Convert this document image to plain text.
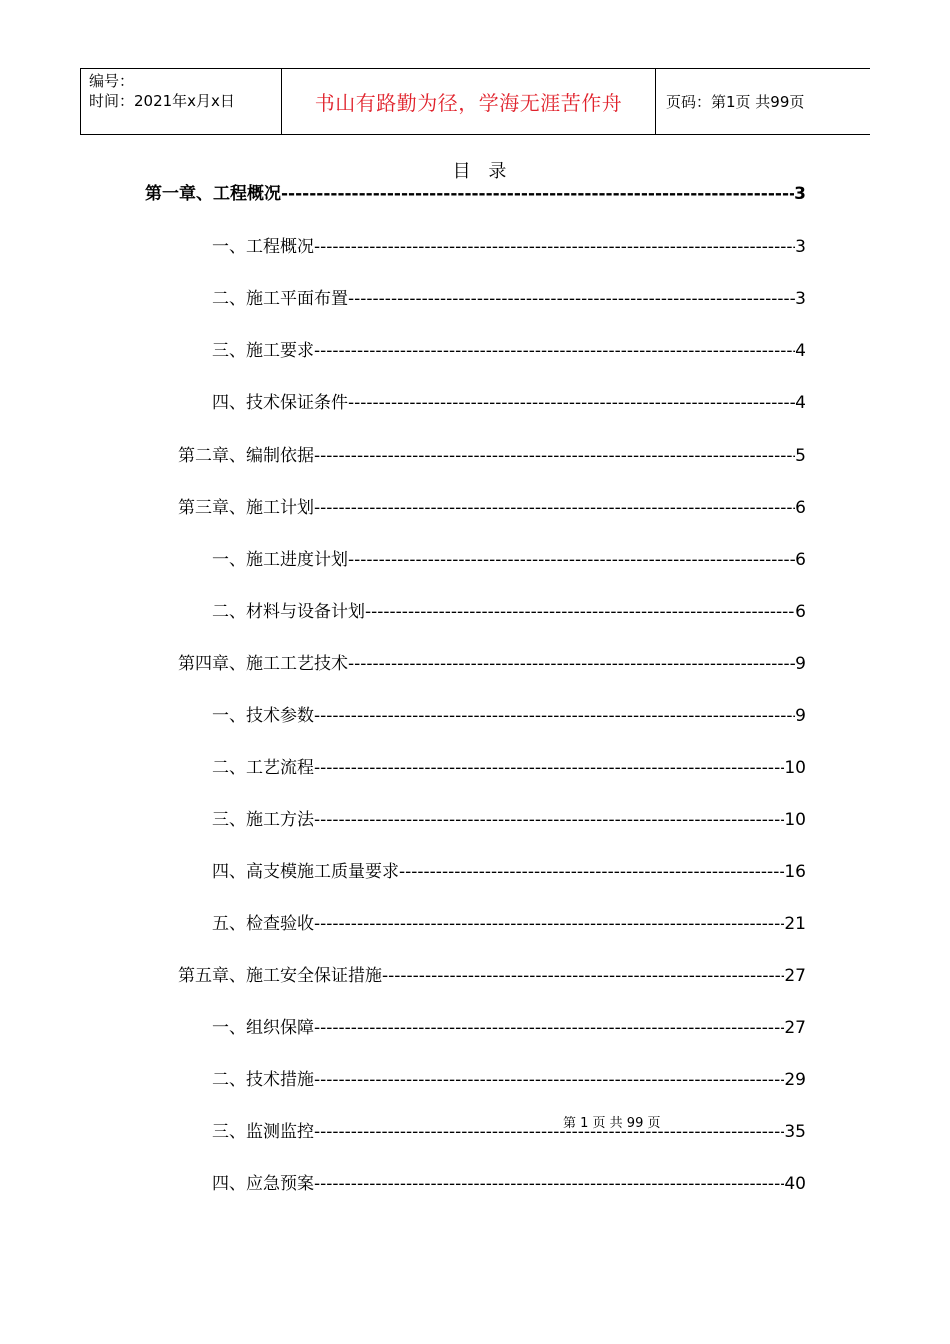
编号：
时间：2021年x月x日	书山有路勤为径，学海无涯苦作舟	页码：第1页 共99页
目 录
第一章、工程概况 -----	3
一、工程概况 -----	3
二、施工平面布置 -----	3
三、施工要求 -----	4
四、技术保证条件 -----	4
第二章、编制依据 -----	5
第三章、施工计划 -----	6
一、施工进度计划 -----	6
二、材料与设备计划 -----	6
第四章、施工工艺技术 -----	9
一、技术参数 -----	9
二、工艺流程 -----	10
三、施工方法 -----	10
四、高支模施工质量要求 -----	16
五、检查验收 -----	21
第五章、施工安全保证措施 -----	27
一、组织保障 -----	27
二、技术措施 -----	29
三、监测监控 -----	35
四、应急预案 -----	40
第 1 页 共 99 页
